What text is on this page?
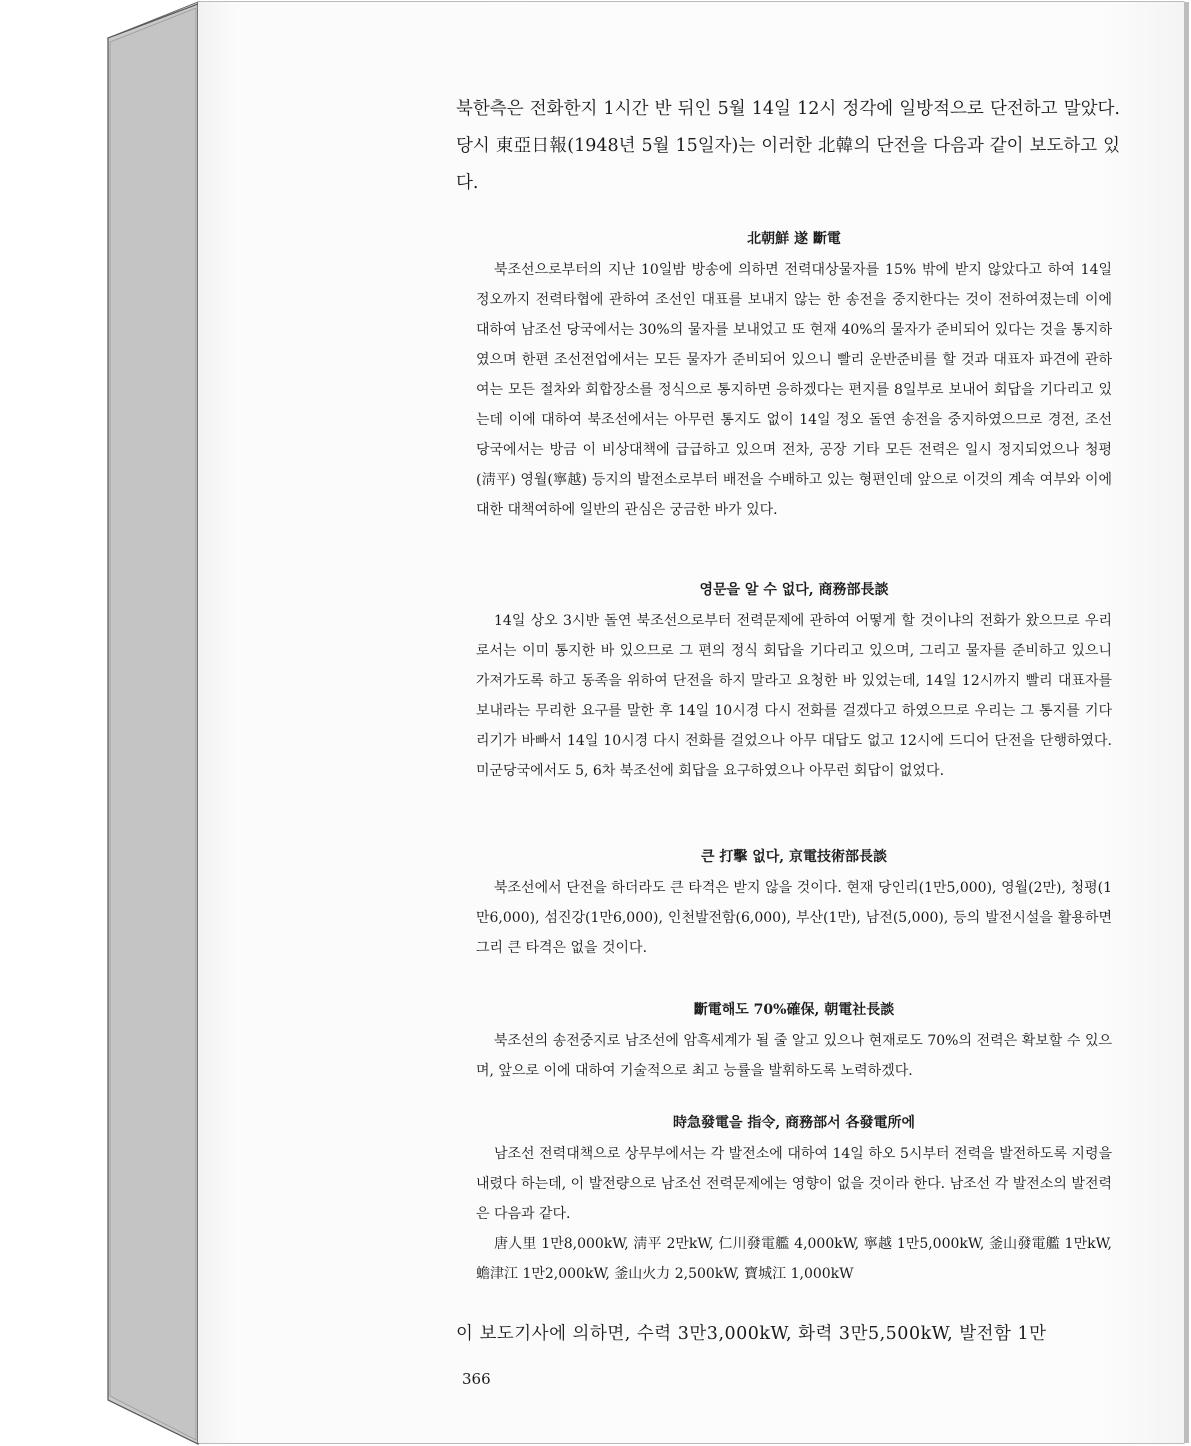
북한측은 전화한지 1시간 반 뒤인 5월 14일 12시 정각에 일방적으로 단전하고 말았다. 당시 東亞日報(1948년 5월 15일자)는 이러한 北韓의 단전을 다음과 같이 보도하고 있다.

北朝鮮 遂 斷電

북조선으로부터의 지난 10일밤 방송에 의하면 전력대상물자를 15% 밖에 받지 않았다고 하여 14일 정오까지 전력타협에 관하여 조선인 대표를 보내지 않는 한 송전을 중지한다는 것이 전하여졌는데 이에 대하여 남조선 당국에서는 30%의 물자를 보내었고 또 현재 40%의 물자가 준비되어 있다는 것을 통지하였으며 한편 조선전업에서는 모든 물자가 준비되어 있으니 빨리 운반준비를 할 것과 대표자 파견에 관하여는 모든 절차와 회합장소를 정식으로 통지하면 응하겠다는 편지를 8일부로 보내어 회답을 기다리고 있는데 이에 대하여 북조선에서는 아무런 통지도 없이 14일 정오 돌연 송전을 중지하였으므로 경전, 조선 당국에서는 방금 이 비상대책에 급급하고 있으며 전차, 공장 기타 모든 전력은 일시 정지되었으나 청평(淸平) 영월(寧越) 등지의 발전소로부터 배전을 수배하고 있는 형편인데 앞으로 이것의 계속 여부와 이에 대한 대책여하에 일반의 관심은 궁금한 바가 있다.

영문을 알 수 없다, 商務部長談

14일 상오 3시반 돌연 북조선으로부터 전력문제에 관하여 어떻게 할 것이냐의 전화가 왔으므로 우리로서는 이미 통지한 바 있으므로 그 편의 정식 회답을 기다리고 있으며, 그리고 물자를 준비하고 있으니 가져가도록 하고 동족을 위하여 단전을 하지 말라고 요청한 바 있었는데, 14일 12시까지 빨리 대표자를 보내라는 무리한 요구를 말한 후 14일 10시경 다시 전화를 걸겠다고 하였으므로 우리는 그 통지를 기다리기가 바빠서 14일 10시경 다시 전화를 걸었으나 아무 대답도 없고 12시에 드디어 단전을 단행하였다. 미군당국에서도 5, 6차 북조선에 회답을 요구하였으나 아무런 회답이 없었다.

큰 打擊 없다, 京電技術部長談

북조선에서 단전을 하더라도 큰 타격은 받지 않을 것이다. 현재 당인리(1만5,000), 영월(2만), 청평(1만6,000), 섬진강(1만6,000), 인천발전함(6,000), 부산(1만), 남전(5,000), 등의 발전시설을 활용하면 그리 큰 타격은 없을 것이다.

斷電해도 70%確保, 朝電社長談

북조선의 송전중지로 남조선에 암흑세계가 될 줄 알고 있으나 현재로도 70%의 전력은 확보할 수 있으며, 앞으로 이에 대하여 기술적으로 최고 능률을 발휘하도록 노력하겠다.

時急發電을 指令, 商務部서 各發電所에

남조선 전력대책으로 상무부에서는 각 발전소에 대하여 14일 하오 5시부터 전력을 발전하도록 지령을 내렸다 하는데, 이 발전량으로 남조선 전력문제에는 영향이 없을 것이라 한다. 남조선 각 발전소의 발전력은 다음과 같다.

唐人里 1만8,000kW, 淸平 2만kW, 仁川發電艦 4,000kW, 寧越 1만5,000kW, 釜山發電艦 1만kW, 蟾津江 1만2,000kW, 釜山火力 2,500kW, 寶城江 1,000kW

이 보도기사에 의하면, 수력 3만3,000kW, 화력 3만5,500kW, 발전함 1만

366
